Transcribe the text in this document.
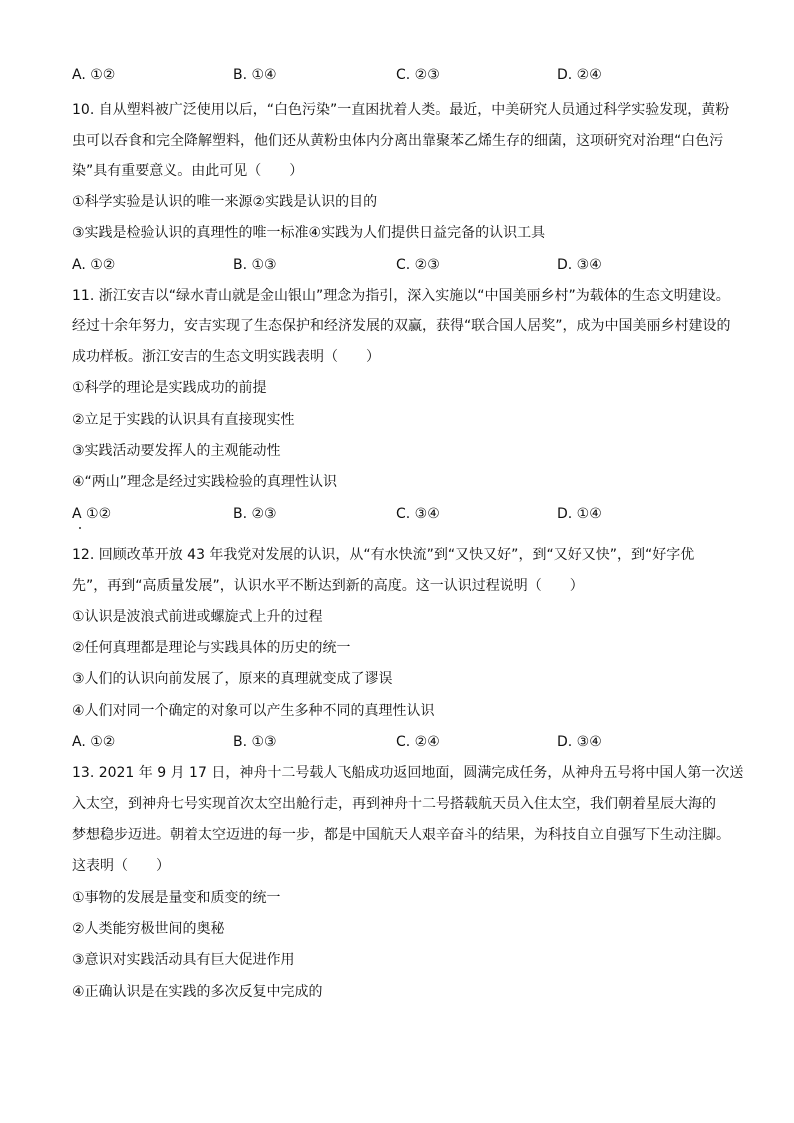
A. ①②	B. ①④	C. ②③	D. ②④
10. 自从塑料被广泛使用以后，“白色污染”一直困扰着人类。最近，中美研究人员通过科学实验发现，黄粉
虫可以吞食和完全降解塑料，他们还从黄粉虫体内分离出靠聚苯乙烯生存的细菌，这项研究对治理“白色污
染”具有重要意义。由此可见（　　）
①科学实验是认识的唯一来源②实践是认识的目的
③实践是检验认识的真理性的唯一标准④实践为人们提供日益完备的认识工具
A. ①②	B. ①③	C. ②③	D. ③④
11. 浙江安吉以“绿水青山就是金山银山”理念为指引，深入实施以“中国美丽乡村”为载体的生态文明建设。
经过十余年努力，安吉实现了生态保护和经济发展的双赢，获得“联合国人居奖”，成为中国美丽乡村建设的
成功样板。浙江安吉的生态文明实践表明（　　）
①科学的理论是实践成功的前提
②立足于实践的认识具有直接现实性
③实践活动要发挥人的主观能动性
④“两山”理念是经过实践检验的真理性认识
A ①②	B. ②③	C. ③④	D. ①④
12. 回顾改革开放 43 年我党对发展的认识，从“有水快流”到“又快又好”，到“又好又快”，到“好字优
先”，再到“高质量发展”，认识水平不断达到新的高度。这一认识过程说明（　　）
①认识是波浪式前进或螺旋式上升的过程
②任何真理都是理论与实践具体的历史的统一
③人们的认识向前发展了，原来的真理就变成了谬误
④人们对同一个确定的对象可以产生多种不同的真理性认识
A. ①②	B. ①③	C. ②④	D. ③④
13. 2021 年 9 月 17 日，神舟十二号载人飞船成功返回地面，圆满完成任务，从神舟五号将中国人第一次送
入太空，到神舟七号实现首次太空出舱行走，再到神舟十二号搭载航天员入住太空，我们朝着星辰大海的
梦想稳步迈进。朝着太空迈进的每一步，都是中国航天人艰辛奋斗的结果，为科技自立自强写下生动注脚。
这表明（　　）
①事物的发展是量变和质变的统一
②人类能穷极世间的奥秘
③意识对实践活动具有巨大促进作用
④正确认识是在实践的多次反复中完成的
